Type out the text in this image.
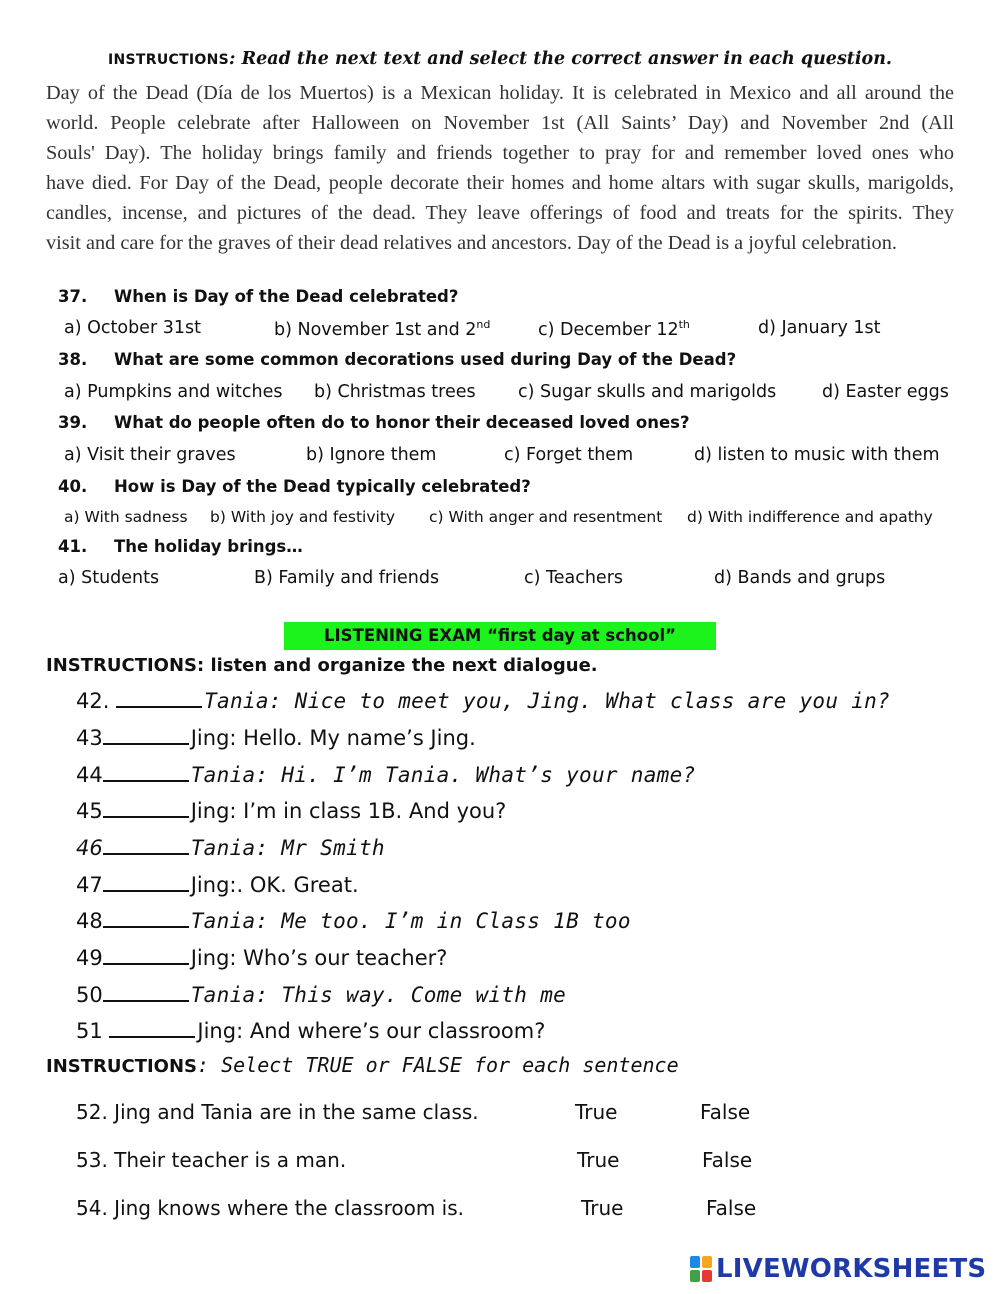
INSTRUCTIONS: Read the next text and select the correct answer in each question.
Day of the Dead (Día de los Muertos) is a Mexican holiday. It is celebrated in Mexico and all around the
world. People celebrate after Halloween on November 1st (All Saints’ Day) and November 2nd (All
Souls' Day). The holiday brings family and friends together to pray for and remember loved ones who
have died. For Day of the Dead, people decorate their homes and home altars with sugar skulls, marigolds,
candles, incense, and pictures of the dead. They leave offerings of food and treats for the spirits. They
visit and care for the graves of their dead relatives and ancestors. Day of the Dead is a joyful celebration.
37. When is Day of the Dead celebrated?
a) October 31st	b) November 1st and 2nd	c) December 12th	d) January 1st
38. What are some common decorations used during Day of the Dead?
a) Pumpkins and witches b) Christmas trees c) Sugar skulls and marigolds	d) Easter eggs
39. What do people often do to honor their deceased loved ones?
a) Visit their graves	b) Ignore them	c) Forget them	d) listen to music with them
40. How is Day of the Dead typically celebrated?
a) With sadness b) With joy and festivity c) With anger and resentment d) With indifference and apathy
41. The holiday brings…
a) Students	B) Family and friends	c) Teachers	d) Bands and grups
LISTENING EXAM “first day at school”
INSTRUCTIONS: listen and organize the next dialogue.
42.	Tania: Nice to meet you, Jing. What class are you in?
43	Jing: Hello. My name’s Jing.
44	Tania: Hi. I’m Tania. What’s your name?
45	Jing: I’m in class 1B. And you?
46	Tania: Mr Smith
47	Jing:. OK. Great.
48	Tania: Me too. I’m in Class 1B too
49	Jing: Who’s our teacher?
50	Tania: This way. Come with me
51	Jing: And where’s our classroom?
INSTRUCTIONS: Select TRUE or FALSE for each sentence
52. Jing and Tania are in the same class.	True	False
53. Their teacher is a man.	True	False
54. Jing knows where the classroom is.	True	False
LIVEWORKSHEETS
